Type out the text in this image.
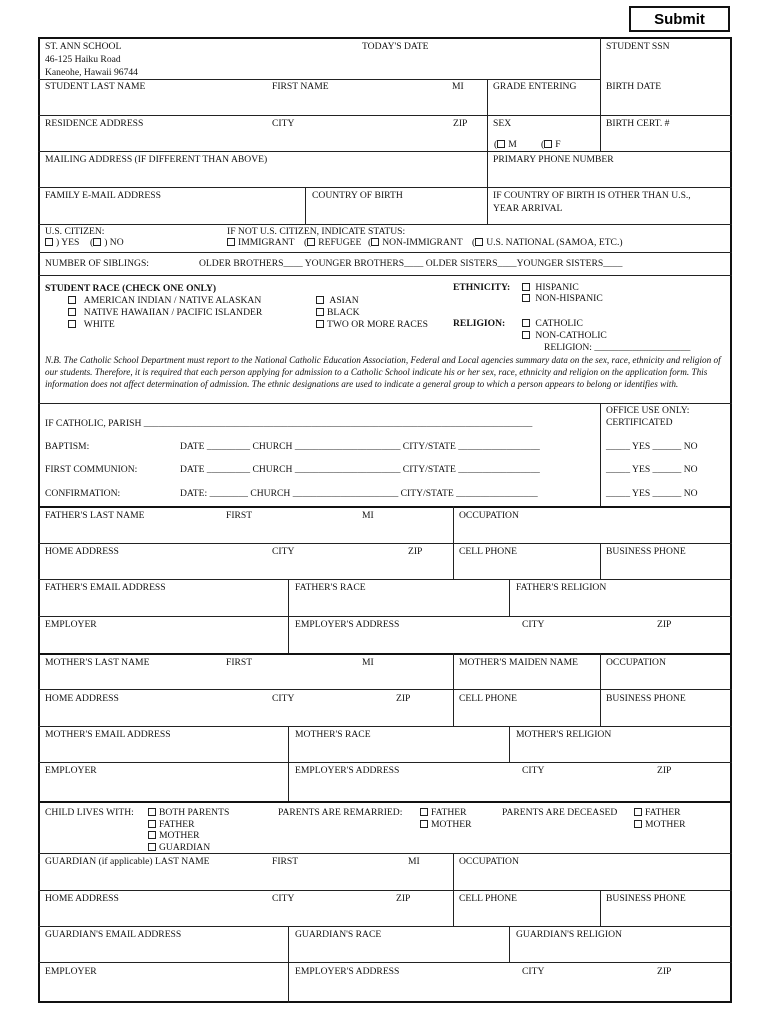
Submit
ST. ANN SCHOOL
46-125 Haiku Road
Kaneohe, Hawaii 96744
TODAY'S DATE	STUDENT SSN
STUDENT LAST NAME	FIRST NAME	MI	GRADE ENTERING	BIRTH DATE
RESIDENCE ADDRESS	CITY	ZIP	SEX	BIRTH CERT. #
( M	( F
MAILING ADDRESS (IF DIFFERENT THAN ABOVE)	PRIMARY PHONE NUMBER
FAMILY E-MAIL ADDRESS	COUNTRY OF BIRTH	IF COUNTRY OF BIRTH IS OTHER THAN U.S.,
YEAR ARRIVAL
U.S. CITIZEN:
) YES ( ) NO
IF NOT U.S. CITIZEN, INDICATE STATUS:
IMMIGRANT ( REFUGEE ( NON-IMMIGRANT ( U.S. NATIONAL (SAMOA, ETC.)
NUMBER OF SIBLINGS:	OLDER BROTHERS____ YOUNGER BROTHERS____ OLDER SISTERS____YOUNGER SISTERS____
STUDENT RACE (CHECK ONE ONLY)
AMERICAN INDIAN / NATIVE ALASKAN
NATIVE HAWAIIAN / PACIFIC ISLANDER
WHITE
ASIAN
BLACK
TWO OR MORE RACES
ETHNICITY:	HISPANIC
NON-HISPANIC
RELIGION:	CATHOLIC
NON-CATHOLIC
RELIGION: ____________________
N.B. The Catholic School Department must report to the National Catholic Education Association, Federal and Local agencies summary data on the sex, race, ethnicity and religion of our students. Therefore, it is required that each person applying for admission to a Catholic School indicate his or her sex, race, ethnicity and religion on the application form. This information does not affect determination of admission. The ethnic designations are used to indicate a general group to which a person appears to belong or identifies with.
IF CATHOLIC, PARISH _________________________________________________________________________________
OFFICE USE ONLY:
CERTIFICATED
BAPTISM:	DATE _________ CHURCH ______________________ CITY/STATE _________________	_____ YES ______ NO
FIRST COMMUNION:	DATE _________ CHURCH ______________________ CITY/STATE _________________	_____ YES ______ NO
CONFIRMATION:	DATE: ________ CHURCH ______________________ CITY/STATE _________________	_____ YES ______ NO
FATHER'S LAST NAME	FIRST	MI	OCCUPATION
HOME ADDRESS	CITY	ZIP	CELL PHONE	BUSINESS PHONE
FATHER'S EMAIL ADDRESS	FATHER'S RACE	FATHER'S RELIGION
EMPLOYER	EMPLOYER'S ADDRESS	CITY	ZIP
MOTHER'S LAST NAME	FIRST	MI	MOTHER'S MAIDEN NAME	OCCUPATION
HOME ADDRESS	CITY	ZIP	CELL PHONE	BUSINESS PHONE
MOTHER'S EMAIL ADDRESS	MOTHER'S RACE	MOTHER'S RELIGION
EMPLOYER	EMPLOYER'S ADDRESS	CITY	ZIP
CHILD LIVES WITH:	BOTH PARENTS
FATHER
MOTHER
GUARDIAN
PARENTS ARE REMARRIED:	FATHER
MOTHER
PARENTS ARE DECEASED	FATHER
MOTHER
GUARDIAN (if applicable) LAST NAME	FIRST	MI	OCCUPATION
HOME ADDRESS	CITY	ZIP	CELL PHONE	BUSINESS PHONE
GUARDIAN'S EMAIL ADDRESS	GUARDIAN'S RACE	GUARDIAN'S RELIGION
EMPLOYER	EMPLOYER'S ADDRESS	CITY	ZIP
